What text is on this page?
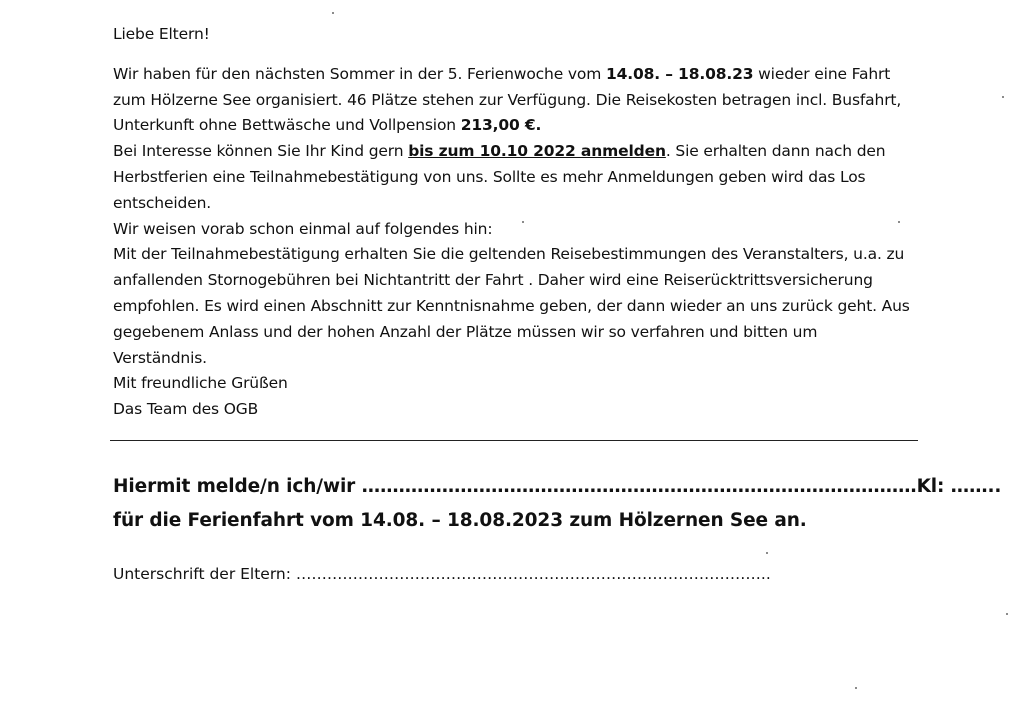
Liebe Eltern!

Wir haben für den nächsten Sommer in der 5. Ferienwoche vom 14.08. – 18.08.23 wieder eine Fahrt zum Hölzerne See organisiert. 46 Plätze stehen zur Verfügung. Die Reisekosten betragen incl. Busfahrt, Unterkunft ohne Bettwäsche und Vollpension 213,00 €.
Bei Interesse können Sie Ihr Kind gern bis zum 10.10 2022 anmelden. Sie erhalten dann nach den Herbstferien eine Teilnahmebestätigung von uns. Sollte es mehr Anmeldungen geben wird das Los entscheiden.

Wir weisen vorab schon einmal auf folgendes hin:

Mit der Teilnahmebestätigung erhalten Sie die geltenden Reisebestimmungen des Veranstalters, u.a. zu anfallenden Stornogebühren bei Nichtantritt der Fahrt . Daher wird eine Reiserücktrittsversicherung empfohlen. Es wird einen Abschnitt zur Kenntnisnahme geben, der dann wieder an uns zurück geht. Aus gegebenem Anlass und der hohen Anzahl der Plätze müssen wir so verfahren und bitten um Verständnis.

Mit freundliche Grüßen

Das Team des OGB

Hiermit melde/n ich/wir ………………………………………………………………………………Kl: ……..
für die Ferienfahrt vom 14.08. – 18.08.2023 zum Hölzernen See an.
Unterschrift der Eltern: ………………………………………………………………………………..
